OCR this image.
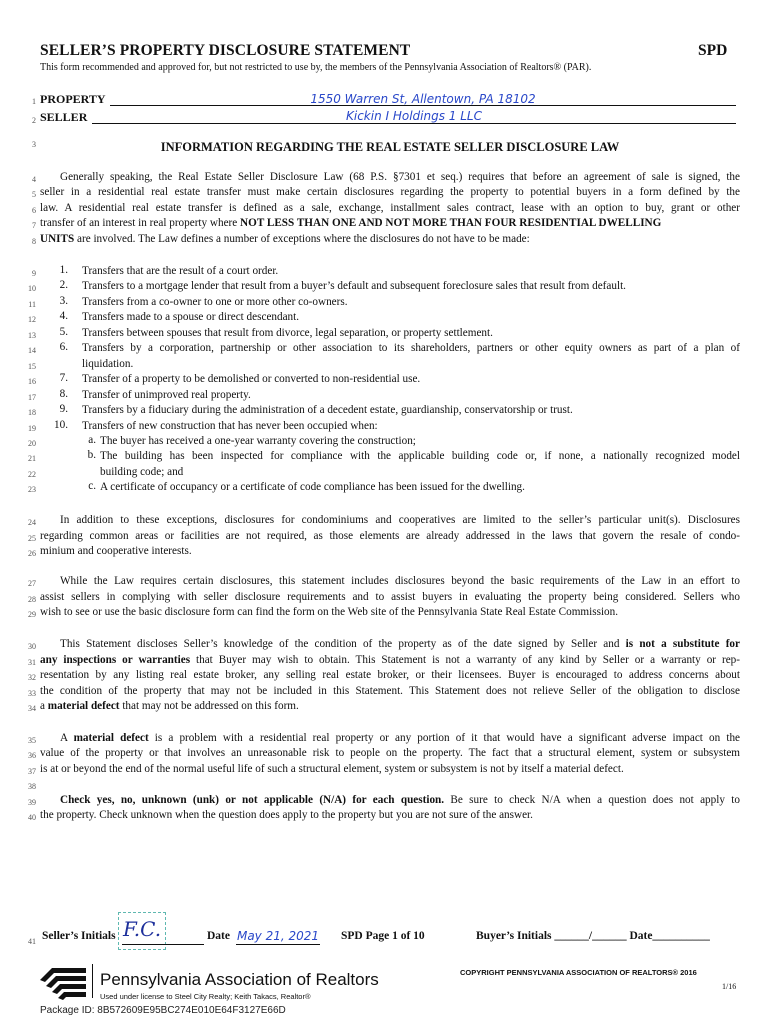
SELLER’S PROPERTY DISCLOSURE STATEMENT	SPD
This form recommended and approved for, but not restricted to use by, the members of the Pennsylvania Association of Realtors® (PAR).
1 PROPERTY	1550 Warren St, Allentown, PA 18102
2 SELLER	Kickin I Holdings 1 LLC
3	INFORMATION REGARDING THE REAL ESTATE SELLER DISCLOSURE LAW
4 Generally speaking, the Real Estate Seller Disclosure Law (68 P.S. §7301 et seq.) requires that before an agreement of sale is signed, the
5 seller in a residential real estate transfer must make certain disclosures regarding the property to potential buyers in a form defined by the
6 law. A residential real estate transfer is defined as a sale, exchange, installment sales contract, lease with an option to buy, grant or other
7 transfer of an interest in real property where NOT LESS THAN ONE AND NOT MORE THAN FOUR RESIDENTIAL DWELLING
8 UNITS are involved. The Law defines a number of exceptions where the disclosures do not have to be made:
9	1. Transfers that are the result of a court order.
10	2. Transfers to a mortgage lender that result from a buyer’s default and subsequent foreclosure sales that result from default.
11	3. Transfers from a co-owner to one or more other co-owners.
12	4. Transfers made to a spouse or direct descendant.
13	5. Transfers between spouses that result from divorce, legal separation, or property settlement.
14	6. Transfers by a corporation, partnership or other association to its shareholders, partners or other equity owners as part of a plan of
15	liquidation.
16	7. Transfer of a property to be demolished or converted to non-residential use.
17	8. Transfer of unimproved real property.
18	9. Transfers by a fiduciary during the administration of a decedent estate, guardianship, conservatorship or trust.
19	10. Transfers of new construction that has never been occupied when:
20	a. The buyer has received a one-year warranty covering the construction;
21	b. The building has been inspected for compliance with the applicable building code or, if none, a nationally recognized model
22	building code; and
23	c. A certificate of occupancy or a certificate of code compliance has been issued for the dwelling.
24 In addition to these exceptions, disclosures for condominiums and cooperatives are limited to the seller’s particular unit(s). Disclosures
25 regarding common areas or facilities are not required, as those elements are already addressed in the laws that govern the resale of condo-
26 minium and cooperative interests.
27 While the Law requires certain disclosures, this statement includes disclosures beyond the basic requirements of the Law in an effort to
28 assist sellers in complying with seller disclosure requirements and to assist buyers in evaluating the property being considered. Sellers who
29 wish to see or use the basic disclosure form can find the form on the Web site of the Pennsylvania State Real Estate Commission.
30 This Statement discloses Seller’s knowledge of the condition of the property as of the date signed by Seller and is not a substitute for
31 any inspections or warranties that Buyer may wish to obtain. This Statement is not a warranty of any kind by Seller or a warranty or rep-
32 resentation by any listing real estate broker, any selling real estate broker, or their licensees. Buyer is encouraged to address concerns about
33 the condition of the property that may not be included in this Statement. This Statement does not relieve Seller of the obligation to disclose
34 a material defect that may not be addressed on this form.
35 A material defect is a problem with a residential real property or any portion of it that would have a significant adverse impact on the
36 value of the property or that involves an unreasonable risk to people on the property. The fact that a structural element, system or subsystem
37 is at or beyond the end of the normal useful life of such a structural element, system or subsystem is not by itself a material defect.
38
39 Check yes, no, unknown (unk) or not applicable (N/A) for each question. Be sure to check N/A when a question does not apply to
40 the property. Check unknown when the question does apply to the property but you are not sure of the answer.
41 Seller’s Initials F.C.	Date May 21, 2021 SPD Page 1 of 10	Buyer’s Initials ______/______ Date__________
Pennsylvania Association of Realtors
Used under license to Steel City Realty; Keith Takacs, Realtor®
COPYRIGHT PENNSYLVANIA ASSOCIATION OF REALTORS® 2016
1/16
Package ID: 8B572609E95BC274E010E64F3127E66D
